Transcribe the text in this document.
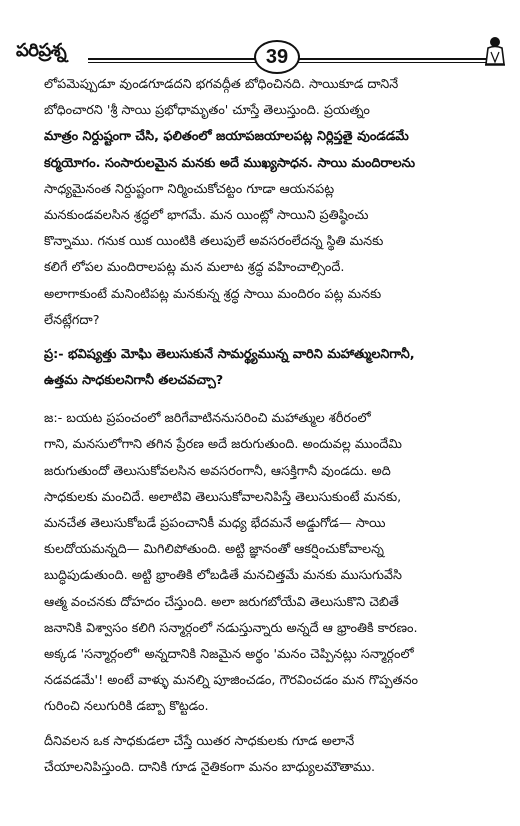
పరిప్రశ్న	39
లోపమెప్పుడూ వుండగూడదని భగవద్గీత బోధించినది. సాయికూడ దానినే
బోధించారని 'శ్రీ సాయి ప్రభోధామృతం' చూస్తే తెలుస్తుంది. ప్రయత్నం
మాత్రం నిర్దుష్టంగా చేసి, ఫలితంలో జయాపజయాలపట్ల నిర్లిప్తతై వుండడమే
కర్మయోగం. సంసారులమైన మనకు అదే ముఖ్యసాధన. సాయి మందిరాలను
సాధ్యమైనంత నిర్దుష్టంగా నిర్మించుకోచట్టం గూడా ఆయనపట్ల
మనకుండవలసిన శ్రద్ధలో భాగమే. మన యింట్లో సాయిని ప్రతిష్ఠించు
కొన్నాము. గనుక యిక యింటికి తలుపులే అవసరంలేదన్న స్థితి మనకు
కలిగే లోపల మందిరాలపట్ల మన మలాట శ్రద్ధ వహించాల్సిందే.
అలాగాకుంటే మనింటిపట్ల మనకున్న శ్రద్ధ సాయి మందిరం పట్ల మనకు
లేనట్లేగదా?
ప్ర:- భవిష్యత్తు మోఘి తెలుసుకునే సామర్థ్యమున్న వారిని మహాత్ములనిగానీ,
ఉత్తమ సాధకులనిగానీ తలచవచ్చా?
జ:- బయట ప్రపంచంలో జరిగేవాటిననుసరించి మహాత్ముల శరీరంలో
గాని, మనసులోగాని తగిన ప్రేరణ అదే జరుగుతుంది. అందువల్ల ముందేమి
జరుగుతుందో తెలుసుకోవలసిన అవసరంగానీ, ఆసక్తిగానీ వుండదు. అది
సాధకులకు మంచిదే. అలాటివి తెలుసుకోవాలనిపిస్తే తెలుసుకుంటే మనకు,
మనచేత తెలుసుకోబడే ప్రపంచానికీ మధ్య భేదమనే అడ్డుగోడ— సాయి
కులదోయమన్నది— మిగిలిపోతుంది. అట్టి జ్ఞానంతో ఆకర్షించుకోవాలన్న
బుద్ధిపుడుతుంది. అట్టి భ్రాంతికి లోబడితే మనచిత్తమే మనకు ముసుగువేసి
ఆత్మ వంచనకు దోహదం చేస్తుంది. అలా జరుగబోయేవి తెలుసుకొని చెబితే
జనానికి విశ్వాసం కలిగి సన్మార్గంలో నడుస్తున్నారు అన్నదే ఆ భ్రాంతికి కారణం.
అక్కడ 'సన్మార్గంలో' అన్నదానికి నిజమైన అర్థం 'మనం చెప్పినట్లు సన్మార్గంలో
నడవడమే'! అంటే వాళ్ళు మనల్ని పూజించడం, గౌరవించడం మన గొప్పతనం
గురించి నలుగురికి డబ్బా కొట్టడం.
దీనివలన ఒక సాధకుడలా చేస్తే యితర సాధకులకు గూడ అలానే
చేయాలనిపిస్తుంది. దానికి గూడ నైతికంగా మనం బాధ్యులమౌతాము.
